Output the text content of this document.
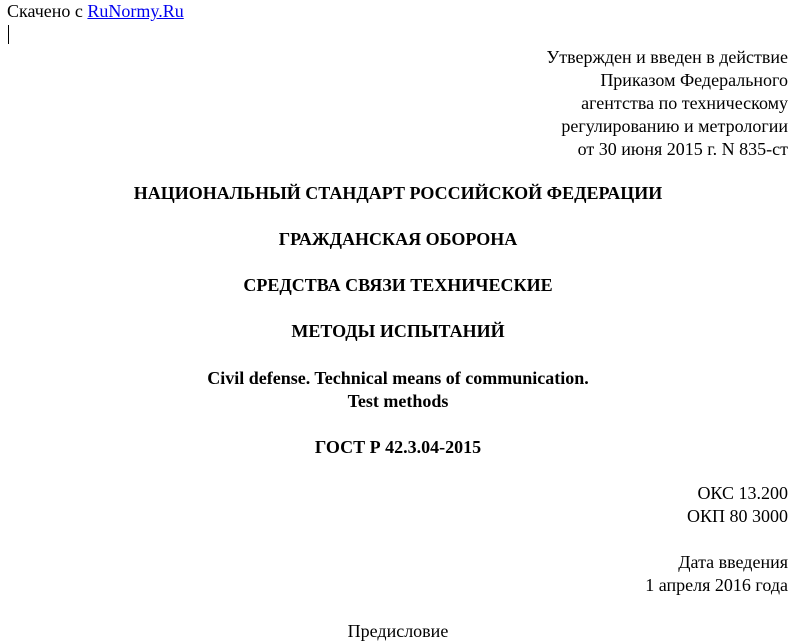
Скачено с RuNormy.Ru
Утвержден и введен в действие
Приказом Федерального
агентства по техническому
регулированию и метрологии
от 30 июня 2015 г. N 835-ст
НАЦИОНАЛЬНЫЙ СТАНДАРТ РОССИЙСКОЙ ФЕДЕРАЦИИ
ГРАЖДАНСКАЯ ОБОРОНА
СРЕДСТВА СВЯЗИ ТЕХНИЧЕСКИЕ
МЕТОДЫ ИСПЫТАНИЙ
Civil defense. Technical means of communication.
Test methods
ГОСТ Р 42.3.04-2015
ОКС 13.200
ОКП 80 3000
Дата введения
1 апреля 2016 года
Предисловие
